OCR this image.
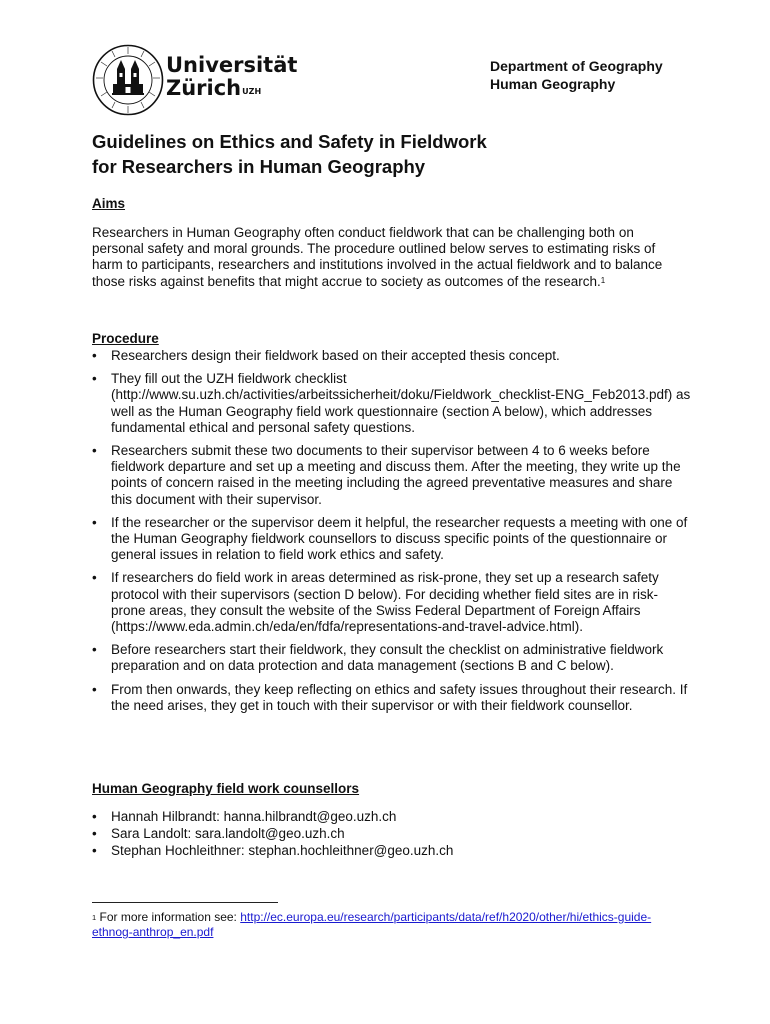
Universität
Zürich$^{UZH}$
Department of Geography
Human Geography
Guidelines on Ethics and Safety in Fieldwork
for Researchers in Human Geography
Aims

Researchers in Human Geography often conduct fieldwork that can be challenging both on personal safety and moral grounds. The procedure outlined below serves to estimating risks of harm to participants, researchers and institutions involved in the actual fieldwork and to balance those risks against benefits that might accrue to society as outcomes of the research.$^1$

Procedure
• Researchers design their fieldwork based on their accepted thesis concept.
• They fill out the UZH fieldwork checklist (http://www.su.uzh.ch/activities/arbeitssicherheit/doku/Fieldwork_checklist-ENG_Feb2013.pdf) as well as the Human Geography field work questionnaire (section A below), which addresses fundamental ethical and personal safety questions.
• Researchers submit these two documents to their supervisor between 4 to 6 weeks before fieldwork departure and set up a meeting and discuss them. After the meeting, they write up the points of concern raised in the meeting including the agreed preventative measures and share this document with their supervisor.
• If the researcher or the supervisor deem it helpful, the researcher requests a meeting with one of the Human Geography fieldwork counsellors to discuss specific points of the questionnaire or general issues in relation to field work ethics and safety.
• If researchers do field work in areas determined as risk-prone, they set up a research safety protocol with their supervisors (section D below). For deciding whether field sites are in risk-prone areas, they consult the website of the Swiss Federal Department of Foreign Affairs (https://www.eda.admin.ch/eda/en/fdfa/representations-and-travel-advice.html).
• Before researchers start their fieldwork, they consult the checklist on administrative fieldwork preparation and on data protection and data management (sections B and C below).
• From then onwards, they keep reflecting on ethics and safety issues throughout their research. If the need arises, they get in touch with their supervisor or with their fieldwork counsellor.
Human Geography field work counsellors
• Hannah Hilbrandt: hanna.hilbrandt@geo.uzh.ch
• Sara Landolt: sara.landolt@geo.uzh.ch
• Stephan Hochleithner: stephan.hochleithner@geo.uzh.ch

$^1$ For more information see: http://ec.europa.eu/research/participants/data/ref/h2020/other/hi/ethics-guide-ethnog-anthrop_en.pdf
